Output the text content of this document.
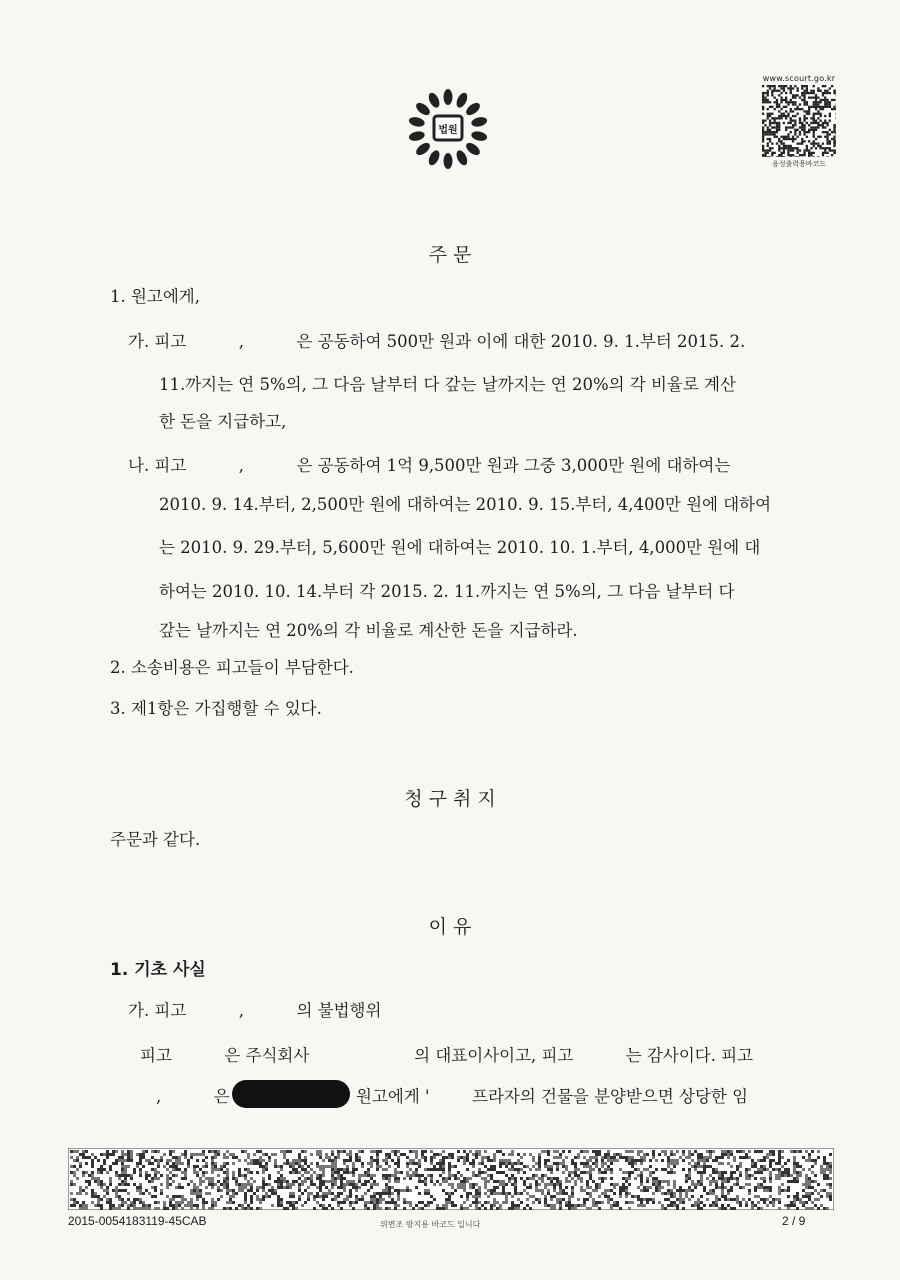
법원
www.scourt.go.kr
음성출력용바코드
주 문
1. 원고에게,
가. 피고          ,          은 공동하여 500만 원과 이에 대한 2010. 9. 1.부터 2015. 2.
11.까지는 연 5%의, 그 다음 날부터 다 갚는 날까지는 연 20%의 각 비율로 계산
한 돈을 지급하고,
나. 피고          ,          은 공동하여 1억 9,500만 원과 그중 3,000만 원에 대하여는
2010. 9. 14.부터, 2,500만 원에 대하여는 2010. 9. 15.부터, 4,400만 원에 대하여
는 2010. 9. 29.부터, 5,600만 원에 대하여는 2010. 10. 1.부터, 4,000만 원에 대
하여는 2010. 10. 14.부터 각 2015. 2. 11.까지는 연 5%의, 그 다음 날부터 다
갚는 날까지는 연 20%의 각 비율로 계산한 돈을 지급하라.
2. 소송비용은 피고들이 부담한다.
3. 제1항은 가집행할 수 있다.
청 구 취 지
주문과 같다.
이 유
1. 기초 사실
가. 피고          ,          의 불법행위
피고          은 주식회사                    의 대표이사이고, 피고          는 감사이다. 피고
,          은	원고에게 '	프라자의 건물을 분양받으면 상당한 임
2015-0054183119-45CAB	위변조 방지용 바코드 입니다	2 / 9
